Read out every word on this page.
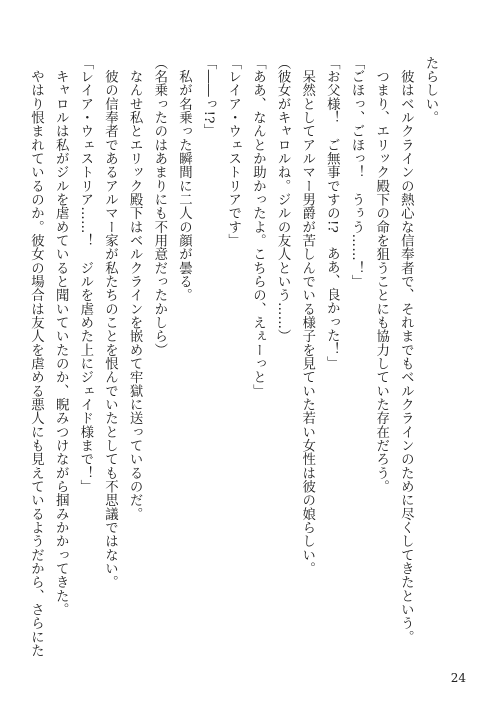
たらしい。
　彼はベルクラインの熱心な信奉者で、それまでもベルクラインのために尽くしてきたという。
　つまり、エリック殿下の命を狙うことにも協力していた存在だろう。
「ごほっ、ごほっ！　うぅう……！」
「お父様！　ご無事ですの!?　ああ、良かった！」
　呆然としてアルマー男爵が苦しんでいる様子を見ていた若い女性は彼の娘らしい。
（彼女がキャロルね。ジルの友人という……）
「ああ、なんとか助かったよ。こちらの、えぇーっと」
「レイア・ウェストリアです」
「――っ!?」
　私が名乗った瞬間に二人の顔が曇る。
（名乗ったのはあまりにも不用意だったかしら）
　なんせ私とエリック殿下はベルクラインを嵌めて牢獄に送っているのだ。
　彼の信奉者であるアルマー家が私たちのことを恨んでいたとしても不思議ではない。
「レイア・ウェストリア……！　ジルを虐めた上にジェイド様まで！」
　キャロルは私がジルを虐めていると聞いていたのか、睨みつけながら掴みかかってきた。
　やはり恨まれているのか。彼女の場合は友人を虐める悪人にも見えているようだから、さらにた
24
